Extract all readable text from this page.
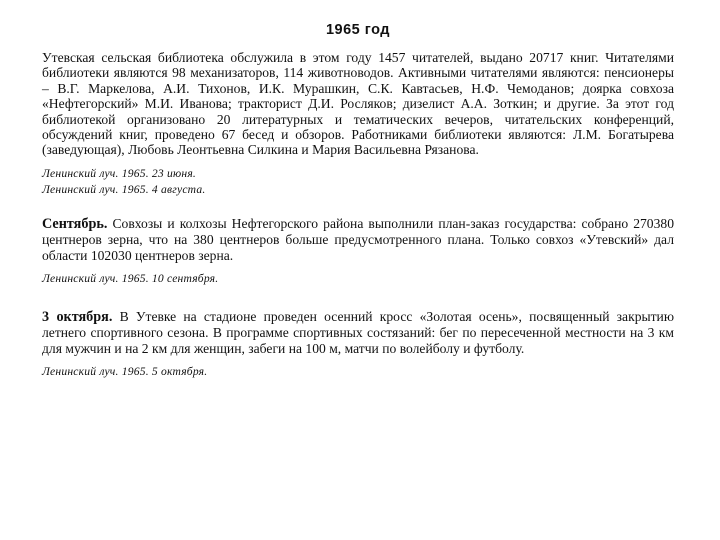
1965 год

Утевская сельская библиотека обслужила в этом году 1457 читателей, выдано 20717 книг. Читателями библиотеки являются 98 механизаторов, 114 животноводов. Активными читателями являются: пенсионеры – В.Г. Маркелова, А.И. Тихонов, И.К. Мурашкин, С.К. Кавтасьев, Н.Ф. Чемоданов; доярка совхоза «Нефтегорский» М.И. Иванова; тракторист Д.И. Росляков; дизелист А.А. Зоткин; и другие. За этот год библиотекой организовано 20 литературных и тематических вечеров, читательских конференций, обсуждений книг, проведено 67 бесед и обзоров. Работниками библиотеки являются: Л.М. Богатырева (заведующая), Любовь Леонтьевна Силкина и Мария Васильевна Рязанова.

Ленинский луч. 1965. 23 июня.

Ленинский луч. 1965. 4 августа.

Сентябрь. Совхозы и колхозы Нефтегорского района выполнили план-заказ государства: собрано 270380 центнеров зерна, что на 380 центнеров больше предусмотренного плана. Только совхоз «Утевский» дал области 102030 центнеров зерна.

Ленинский луч. 1965. 10 сентября.

3 октября. В Утевке на стадионе проведен осенний кросс «Золотая осень», посвященный закрытию летнего спортивного сезона. В программе спортивных состязаний: бег по пересеченной местности на 3 км для мужчин и на 2 км для женщин, забеги на 100 м, матчи по волейболу и футболу.

Ленинский луч. 1965. 5 октября.
